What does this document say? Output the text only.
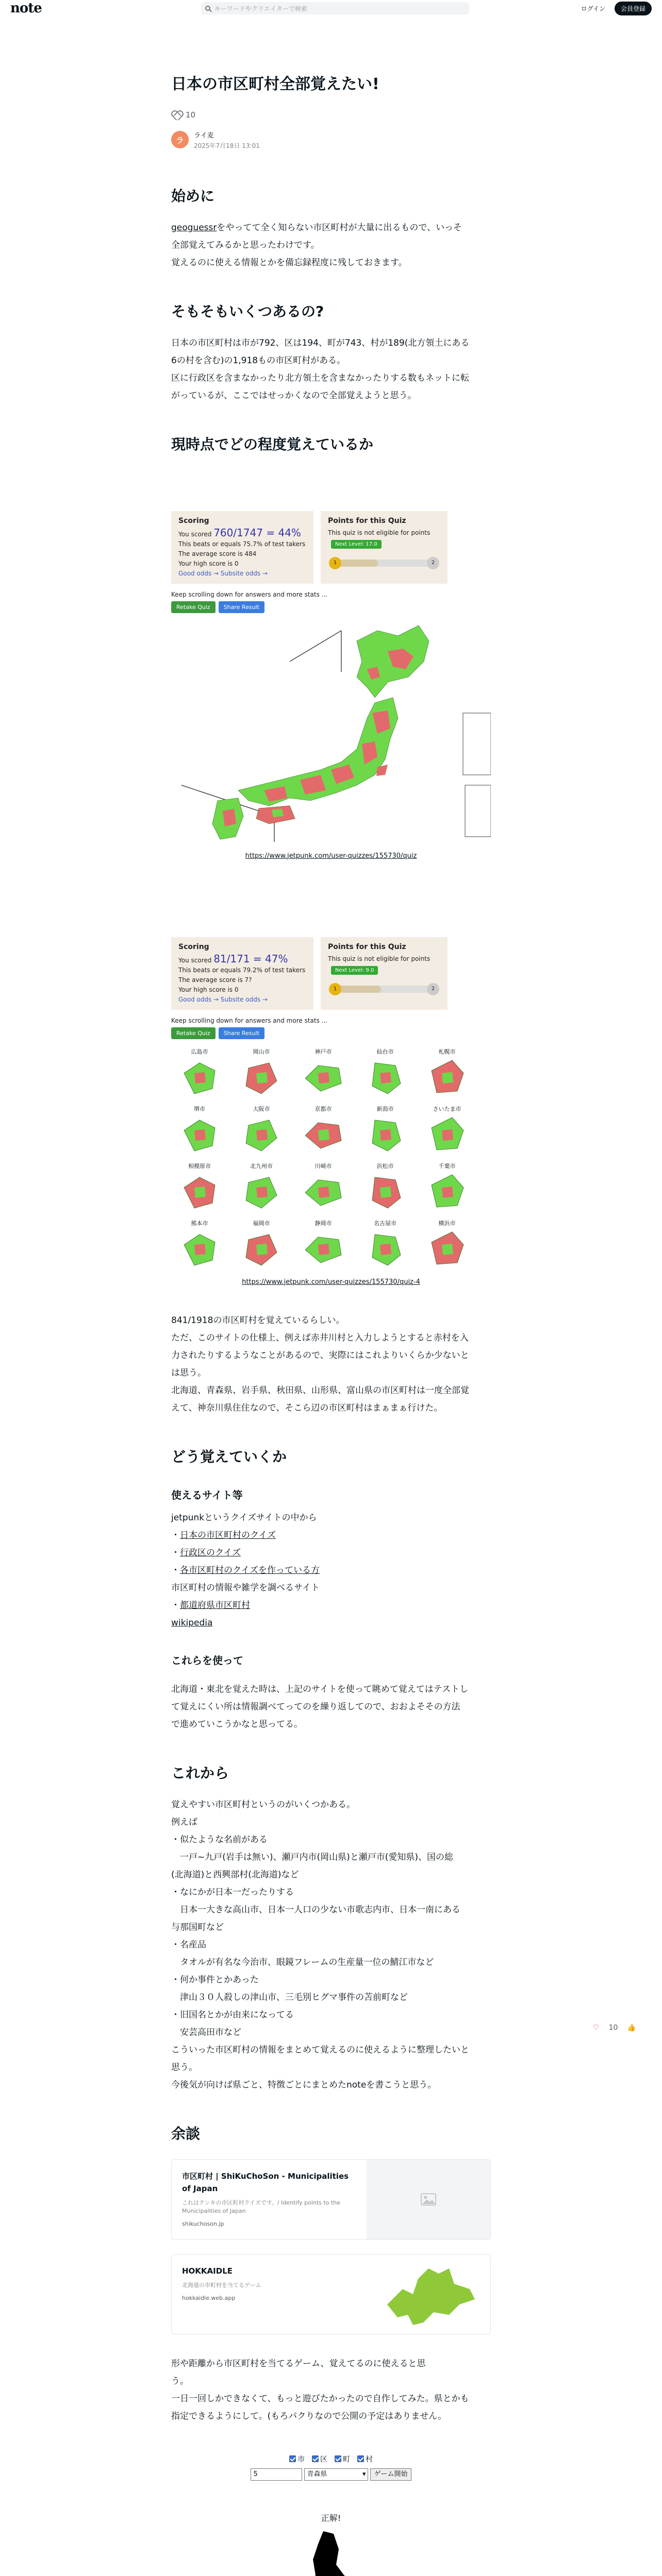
note	キーワードやクリエイターで検索	ログイン	会員登録
日本の市区町村全部覚えたい!
10
ラ	ライ麦
2025年7月18日 13:01
始めに

geoguessrをやってて全く知らない市区町村が大量に出るもので、いっそ
全部覚えてみるかと思ったわけです。
覚えるのに使える情報とかを備忘録程度に残しておきます。

そもそもいくつあるの?

日本の市区町村は市が792、区は194、町が743、村が189(北方領土にある
6の村を含む)の1,918もの市区町村がある。
区に行政区を含まなかったり北方領土を含まなかったりする数もネットに転
がっているが、ここではせっかくなので全部覚えようと思う。

現時点でどの程度覚えているか
Scoring
You scored 760/1747 = 44%
This beats or equals 75.7% of test takers
The average score is 484
Your high score is 0
Good odds → Subsite odds →
Points for this Quiz
This quiz is not eligible for points
Next Level: 17.0
1	2
Keep scrolling down for answers and more stats ...
Retake Quiz	Share Result
https://www.jetpunk.com/user-quizzes/155730/quiz
Scoring
You scored 81/171 = 47%
This beats or equals 79.2% of test takers
The average score is 7?
Your high score is 0
Good odds → Subsite odds →
Points for this Quiz
This quiz is not eligible for points
Next Level: 9.0
1	2
Keep scrolling down for answers and more stats ...
Retake Quiz	Share Result
広島市	岡山市	神戸市	仙台市	札幌市
堺市	大阪市	京都市	新潟市	さいたま市
相模原市	北九州市	川崎市	浜松市	千葉市
熊本市	福岡市	静岡市	名古屋市	横浜市
https://www.jetpunk.com/user-quizzes/155730/quiz-4

841/1918の市区町村を覚えているらしい。
ただ、このサイトの仕様上、例えば赤井川村と入力しようとすると赤村を入
力されたりするようなことがあるので、実際にはこれよりいくらか少ないと
は思う。
北海道、青森県、岩手県、秋田県、山形県、富山県の市区町村は一度全部覚
えて、神奈川県住住なので、そこら辺の市区町村はまぁまぁ行けた。

どう覚えていくか
使えるサイト等
jetpunkというクイズサイトの中から
・日本の市区町村のクイズ
・行政区のクイズ
・各市区町村のクイズを作っている方
市区町村の情報や雑学を調べるサイト
・都道府県市区町村
wikipedia
これらを使って

北海道・東北を覚えた時は、上記のサイトを使って眺めて覚えてはテストし
て覚えにくい所は情報調べてってのを繰り返してので、おおよそその方法
で進めていこうかなと思ってる。

これから

覚えやすい市区町村というのがいくつかある。
例えば
・似たような名前がある
　一戸~九戸(岩手は無い)、瀬戸内市(岡山県)と瀬戸市(愛知県)、国の総
(北海道)と西興部村(北海道)など
・なにかが日本一だったりする
　日本一大きな高山市、日本一人口の少ない市歌志内市、日本一南にある
与那国町など
・名産品
　タオルが有名な今治市、眼鏡フレームの生産量一位の鯖江市など
・何か事件とかあった
　津山３０人殺しの津山市、三毛別ヒグマ事件の苫前町など
・旧国名とかが由来になってる
　安芸高田市など
こういった市区町村の情報をまとめて覚えるのに使えるように整理したいと
思う。
今後気が向けば県ごと、特徴ごとにまとめたnoteを書こうと思う。

余談
市区町村 | ShiKuChoSon - Municipalities of Japan
これはテンキの市区町村クイズです。/ Identify points to the Municipalities of Japan
shikuchoson.jp
HOKKAIDLE
北海道の市町村を当てるゲーム
hokkaidle.web.app

形や距離から市区町村を当てるゲーム、覚えてるのに使えると思
う。
一日一回しかできなくて、もっと遊びたかったので自作してみた。県とかも
指定できるようにして。(もろパクりなので公開の予定はありません。

市 区 町 村
5	青森県 ▾	ゲーム開始
正解!
♡ 10 👍
